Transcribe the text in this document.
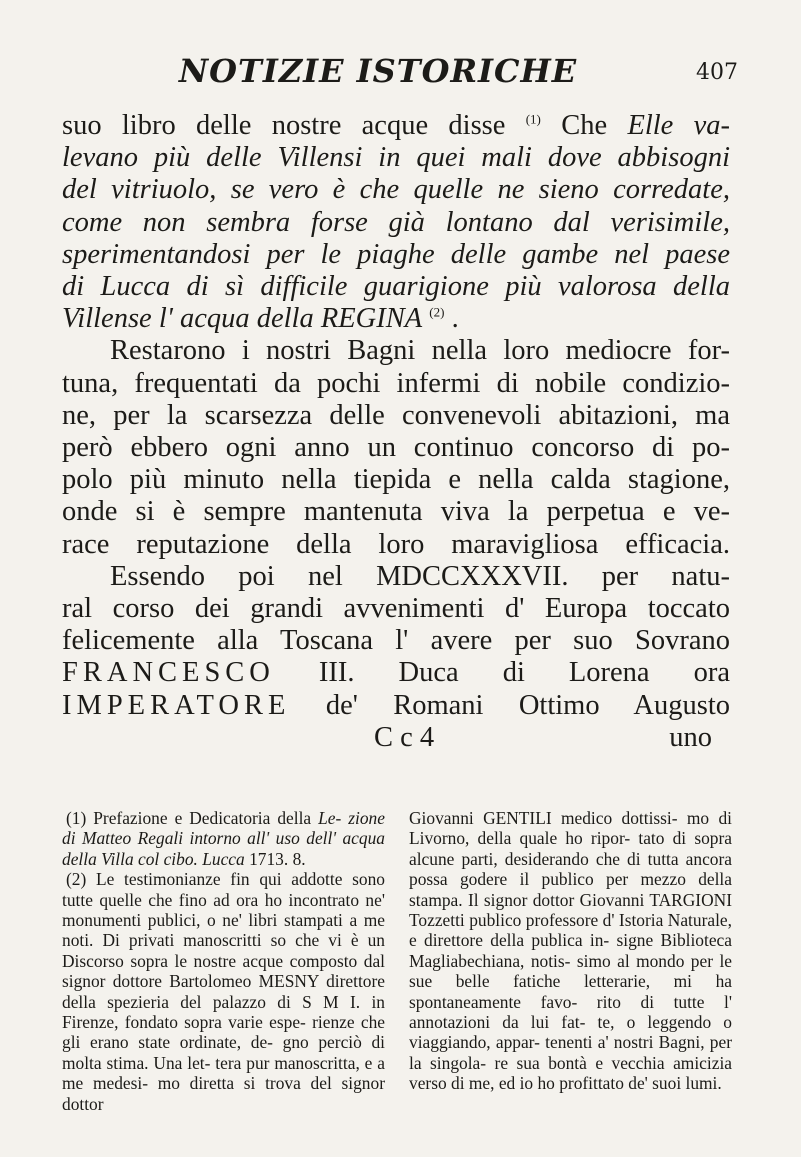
NOTIZIE ISTORICHE	407

suo libro delle nostre acque disse $^{(1)}$ Che Elle va-

levano più delle Villensi in quei mali dove abbisogni

del vitriuolo, se vero è che quelle ne sieno corredate,

come non sembra forse già lontano dal verisimile,

sperimentandosi per le piaghe delle gambe nel paese

di Lucca di sì difficile guarigione più valorosa della

Villense l' acqua della REGINA $^{(2)}$ .

Restarono i nostri Bagni nella loro mediocre for-

tuna, frequentati da pochi infermi di nobile condizio-

ne, per la scarsezza delle convenevoli abitazioni, ma

però ebbero ogni anno un continuo concorso di po-

polo più minuto nella tiepida e nella calda stagione,

onde si è sempre mantenuta viva la perpetua e ve-

race reputazione della loro maravigliosa efficacia.

Essendo poi nel MDCCXXXVII. per natu-

ral corso dei grandi avvenimenti d' Europa toccato

felicemente alla Toscana l' avere per suo Sovrano

FRANCESCO III. Duca di Lorena ora

IMPERATORE de' Romani Ottimo Augusto

C c 4	uno

(1) Prefazione e Dedicatoria della Le- zione di Matteo Regali intorno all' uso dell' acqua della Villa col cibo. Lucca 1713. 8.

(2) Le testimonianze fin qui addotte sono tutte quelle che fino ad ora ho incontrato ne' monumenti publici, o ne' libri stampati a me noti. Di privati manoscritti so che vi è un Discorso sopra le nostre acque composto dal signor dottore Bartolomeo MESNY direttore della spezieria del palazzo di S M I. in Firenze, fondato sopra varie espe- rienze che gli erano state ordinate, de- gno perciò di molta stima. Una let- tera pur manoscritta, e a me medesi- mo diretta si trova del signor dottor

Giovanni GENTILI medico dottissi- mo di Livorno, della quale ho ripor- tato di sopra alcune parti, desiderando che di tutta ancora possa godere il publico per mezzo della stampa. Il signor dottor Giovanni TARGIONI Tozzetti publico professore d' Istoria Naturale, e direttore della publica in- signe Biblioteca Magliabechiana, notis- simo al mondo per le sue belle fatiche letterarie, mi ha spontaneamente favo- rito di tutte l' annotazioni da lui fat- te, o leggendo o viaggiando, appar- tenenti a' nostri Bagni, per la singola- re sua bontà e vecchia amicizia verso di me, ed io ho profittato de' suoi lumi.
